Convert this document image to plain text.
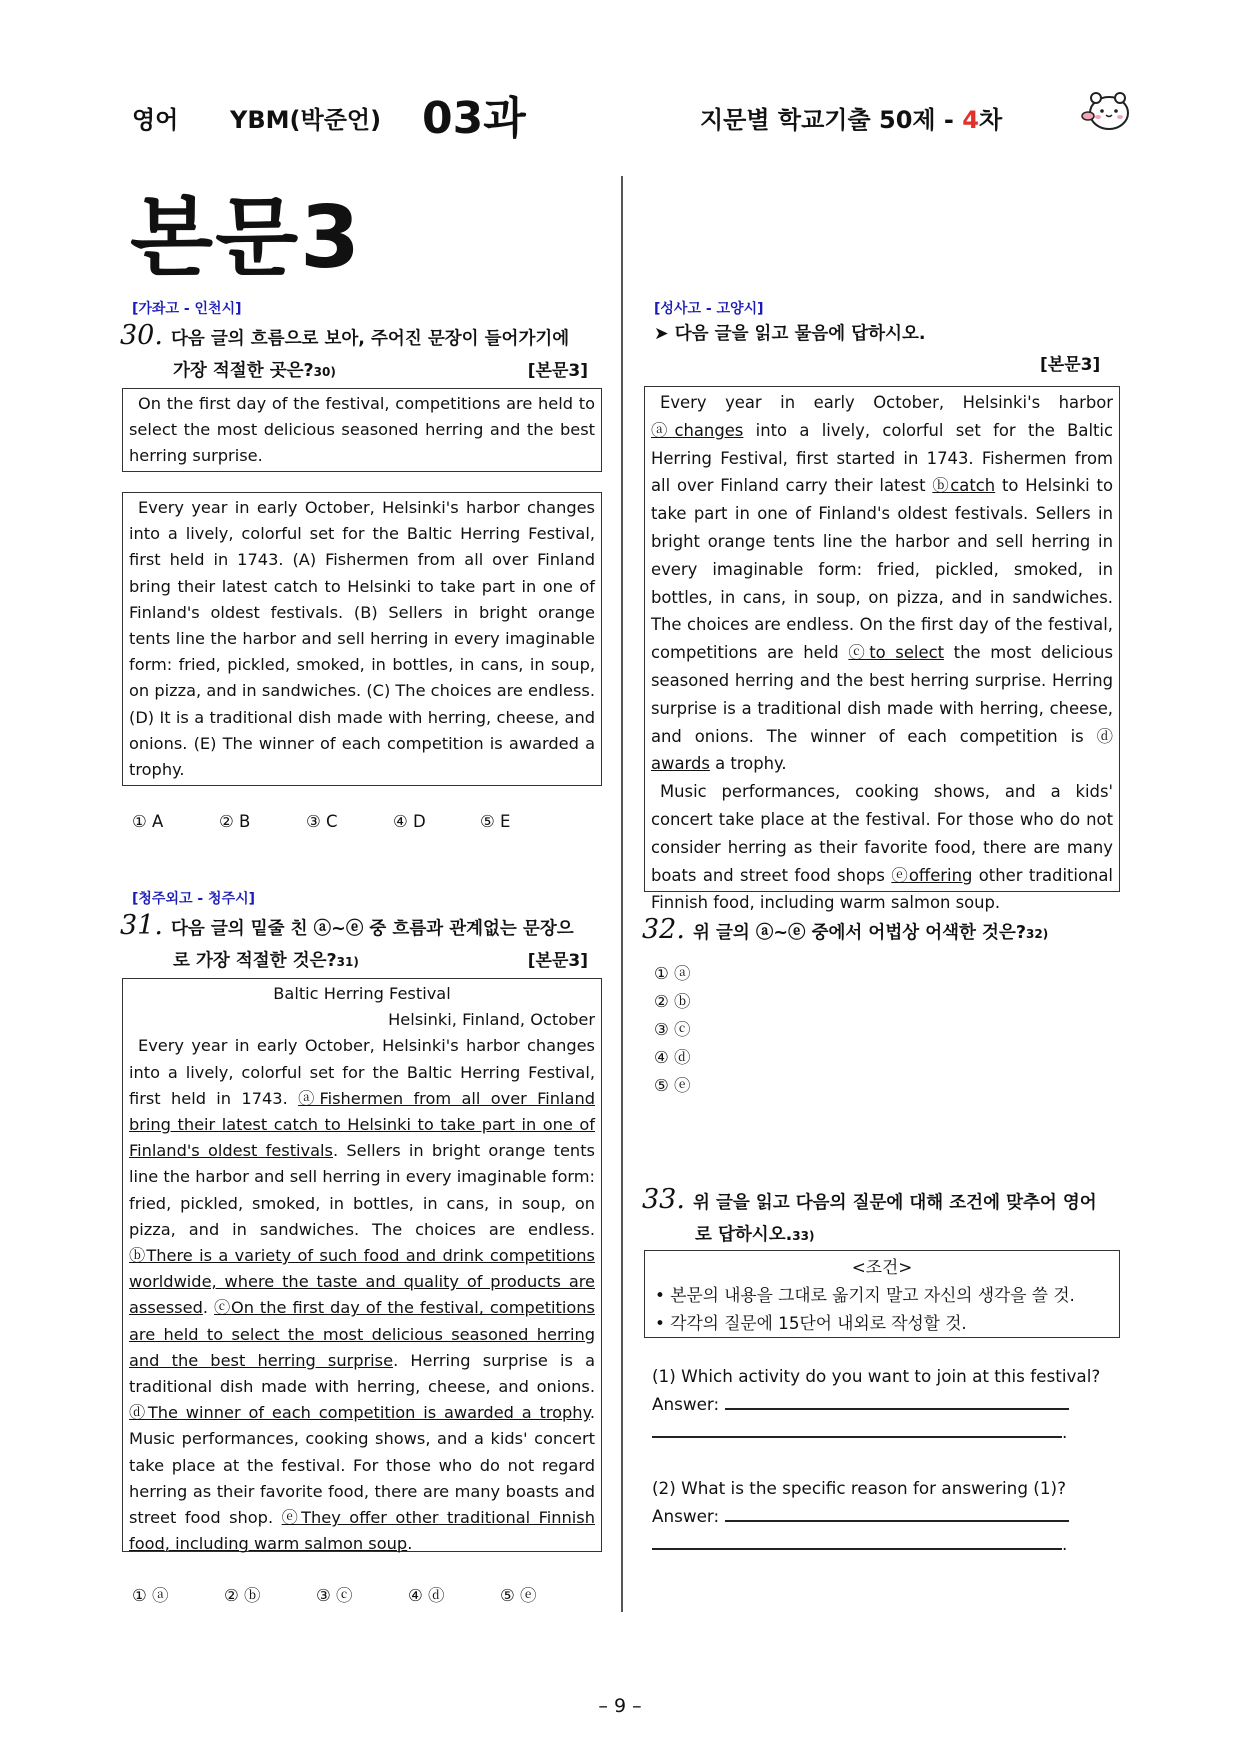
영어 YBM(박준언) 03과	지문별 학교기출 50제 - 4차
본문3
[가좌고 - 인천시]
30. 다음 글의 흐름으로 보아, 주어진 문장이 들어가기에
가장 적절한 곳은?30)	[본문3]

On the first day of the festival, competitions are held to select the most delicious seasoned herring and the best herring surprise.

Every year in early October, Helsinki's harbor changes into a lively, colorful set for the Baltic Herring Festival, first held in 1743. (A) Fishermen from all over Finland bring their latest catch to Helsinki to take part in one of Finland's oldest festivals. (B) Sellers in bright orange tents line the harbor and sell herring in every imaginable form: fried, pickled, smoked, in bottles, in cans, in soup, on pizza, and in sandwiches. (C) The choices are endless. (D) It is a traditional dish made with herring, cheese, and onions. (E) The winner of each competition is awarded a trophy.

① A	② B	③ C	④ D	⑤ E
[청주외고 - 청주시]
31. 다음 글의 밑줄 친 ⓐ~ⓔ 중 흐름과 관계없는 문장으
로 가장 적절한 것은?31)	[본문3]
Baltic Herring Festival
Helsinki, Finland, October

Every year in early October, Helsinki's harbor changes into a lively, colorful set for the Baltic Herring Festival, first held in 1743. ⓐFishermen from all over Finland bring their latest catch to Helsinki to take part in one of Finland's oldest festivals. Sellers in bright orange tents line the harbor and sell herring in every imaginable form: fried, pickled, smoked, in bottles, in cans, in soup, on pizza, and in sandwiches. The choices are endless. ⓑThere is a variety of such food and drink competitions worldwide, where the taste and quality of products are assessed. ⓒOn the first day of the festival, competitions are held to select the most delicious seasoned herring and the best herring surprise. Herring surprise is a traditional dish made with herring, cheese, and onions. ⓓThe winner of each competition is awarded a trophy. Music performances, cooking shows, and a kids' concert take place at the festival. For those who do not regard herring as their favorite food, there are many boasts and street food shop. ⓔThey offer other traditional Finnish food, including warm salmon soup.

① ⓐ	② ⓑ	③ ⓒ	④ ⓓ	⑤ ⓔ
[성사고 - 고양시]
➤ 다음 글을 읽고 물음에 답하시오.
[본문3]

Every year in early October, Helsinki's harbor ⓐchanges into a lively, colorful set for the Baltic Herring Festival, first started in 1743. Fishermen from all over Finland carry their latest ⓑcatch to Helsinki to take part in one of Finland's oldest festivals. Sellers in bright orange tents line the harbor and sell herring in every imaginable form: fried, pickled, smoked, in bottles, in cans, in soup, on pizza, and in sandwiches. The choices are endless. On the first day of the festival, competitions are held ⓒto select the most delicious seasoned herring and the best herring surprise. Herring surprise is a traditional dish made with herring, cheese, and onions. The winner of each competition is ⓓ awards a trophy.

Music performances, cooking shows, and a kids' concert take place at the festival. For those who do not consider herring as their favorite food, there are many boats and street food shops ⓔoffering other traditional Finnish food, including warm salmon soup.

32. 위 글의 ⓐ~ⓔ 중에서 어법상 어색한 것은?32)
① ⓐ
② ⓑ
③ ⓒ
④ ⓓ
⑤ ⓔ
33. 위 글을 읽고 다음의 질문에 대해 조건에 맞추어 영어
로 답하시오.33)
<조건>
• 본문의 내용을 그대로 옮기지 말고 자신의 생각을 쓸 것.
• 각각의 질문에 15단어 내외로 작성할 것.
(1) Which activity do you want to join at this festival?
Answer:
.
(2) What is the specific reason for answering (1)?
Answer:
.
– 9 –
